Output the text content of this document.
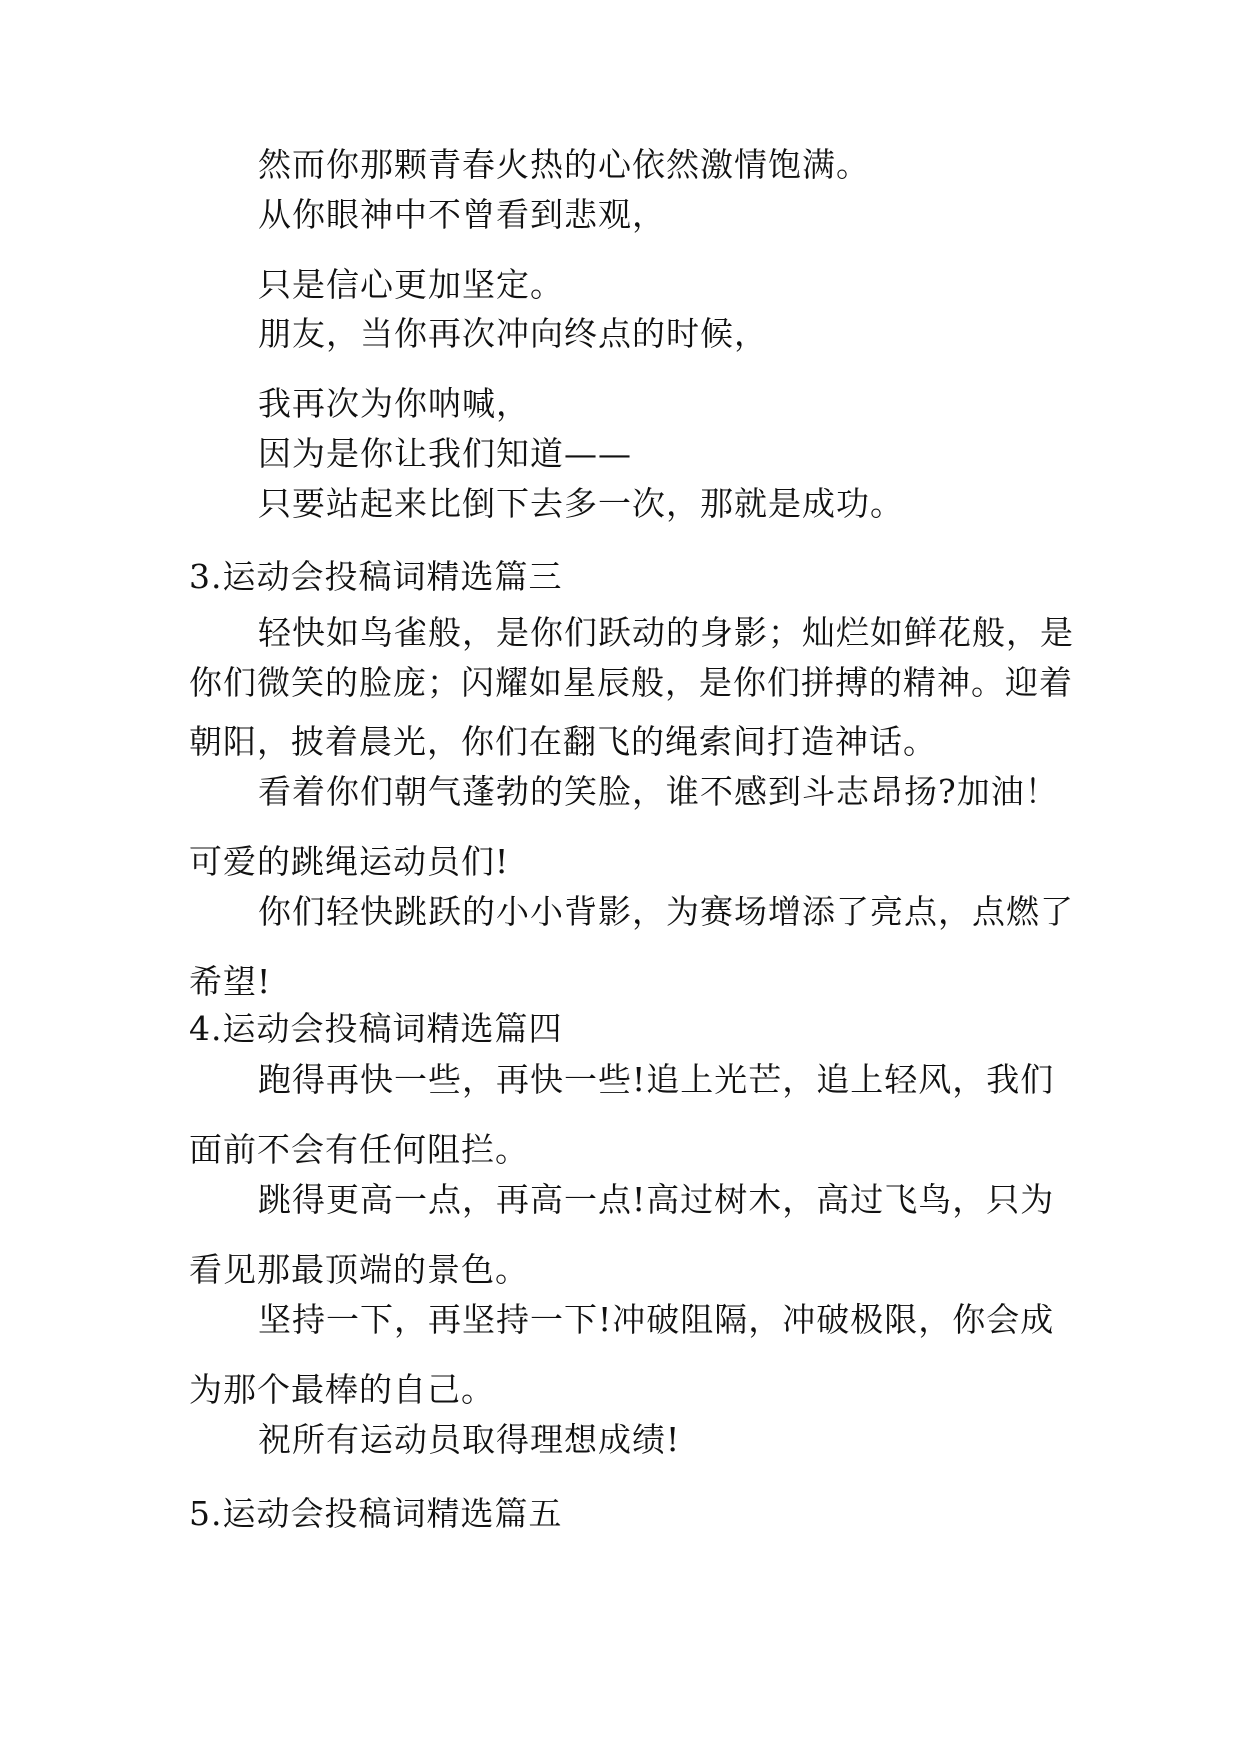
然而你那颗青春火热的心依然激情饱满。
从你眼神中不曾看到悲观，
只是信心更加坚定。
朋友，当你再次冲向终点的时候，
我再次为你呐喊，
因为是你让我们知道——
只要站起来比倒下去多一次，那就是成功。
3.运动会投稿词精选篇三
轻快如鸟雀般，是你们跃动的身影；灿烂如鲜花般，是
你们微笑的脸庞；闪耀如星辰般，是你们拼搏的精神。迎着
朝阳，披着晨光，你们在翻飞的绳索间打造神话。
看着你们朝气蓬勃的笑脸，谁不感到斗志昂扬?加油！
可爱的跳绳运动员们!
你们轻快跳跃的小小背影，为赛场增添了亮点，点燃了
希望!
4.运动会投稿词精选篇四
跑得再快一些，再快一些!追上光芒，追上轻风，我们
面前不会有任何阻拦。
跳得更高一点，再高一点!高过树木，高过飞鸟，只为
看见那最顶端的景色。
坚持一下，再坚持一下!冲破阻隔，冲破极限，你会成
为那个最棒的自己。
祝所有运动员取得理想成绩!
5.运动会投稿词精选篇五
